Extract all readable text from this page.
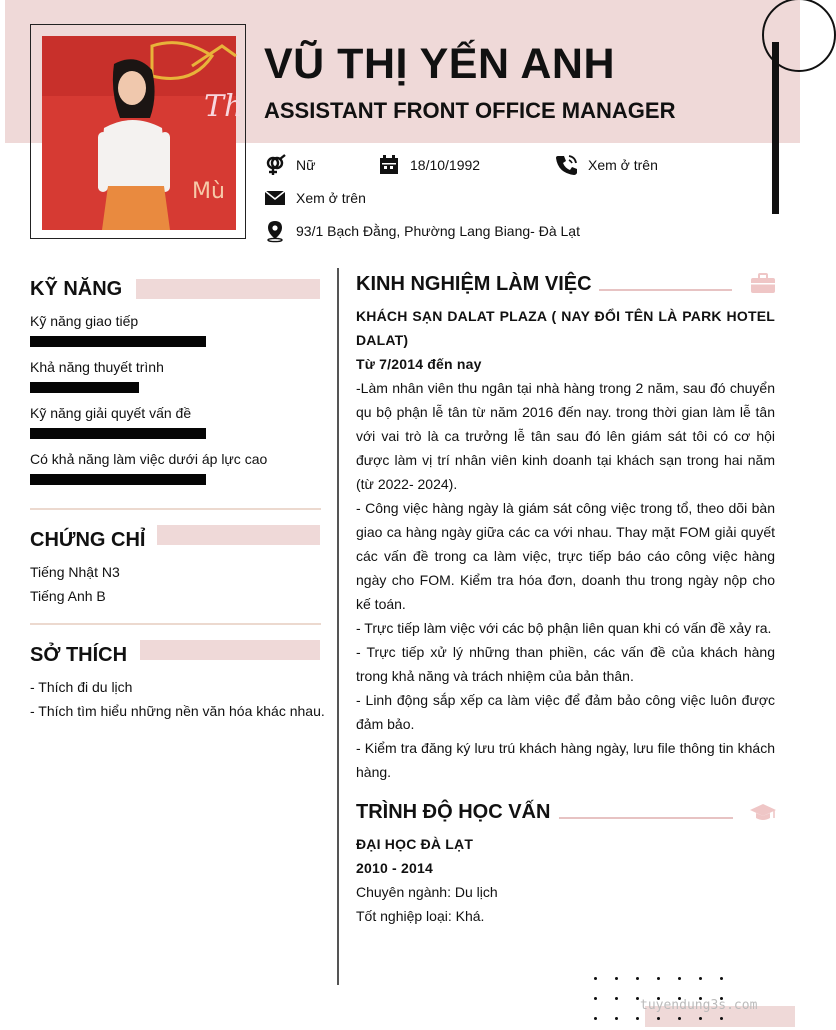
Th
Mù
VŨ THỊ YẾN ANH
ASSISTANT FRONT OFFICE MANAGER
Nữ	18/10/1992	Xem ở trên
Xem ở trên
93/1 Bạch Đằng, Phường Lang Biang- Đà Lạt
KỸ NĂNG
Kỹ năng giao tiếp
Khả năng thuyết trình
Kỹ năng giải quyết vấn đề
Có khả năng làm việc dưới áp lực cao
CHỨNG CHỈ
Tiếng Nhật N3
Tiếng Anh B
SỞ THÍCH
- Thích đi du lịch
- Thích tìm hiểu những nền văn hóa khác nhau.
KINH NGHIỆM LÀM VIỆC

KHÁCH SẠN DALAT PLAZA ( NAY ĐỔI TÊN LÀ PARK HOTEL DALAT)

Từ 7/2014 đến nay

-Làm nhân viên thu ngân tại nhà hàng trong 2 năm, sau đó chuyển qu bộ phận lễ tân từ năm 2016 đến nay. trong thời gian làm lễ tân với vai trò là ca trưởng lễ tân sau đó lên giám sát tôi có cơ hội được làm vị trí nhân viên kinh doanh tại khách sạn trong hai năm (từ 2022- 2024).

- Công việc hàng ngày là giám sát công việc trong tổ, theo dõi bàn giao ca hàng ngày giữa các ca với nhau. Thay mặt FOM giải quyết các vấn đề trong ca làm việc, trực tiếp báo cáo công việc hàng ngày cho FOM. Kiểm tra hóa đơn, doanh thu trong ngày nộp cho kế toán.

- Trực tiếp làm việc với các bộ phận liên quan khi có vấn đề xảy ra.

- Trực tiếp xử lý những than phiền, các vấn đề của khách hàng trong khả năng và trách nhiệm của bản thân.

- Linh động sắp xếp ca làm việc để đảm bảo công việc luôn được đảm bảo.

- Kiểm tra đăng ký lưu trú khách hàng ngày, lưu file thông tin khách hàng.

TRÌNH ĐỘ HỌC VẤN

ĐẠI HỌC ĐÀ LẠT

2010 - 2014

Chuyên ngành: Du lịch

Tốt nghiệp loại: Khá.

tuyendung3s.com
